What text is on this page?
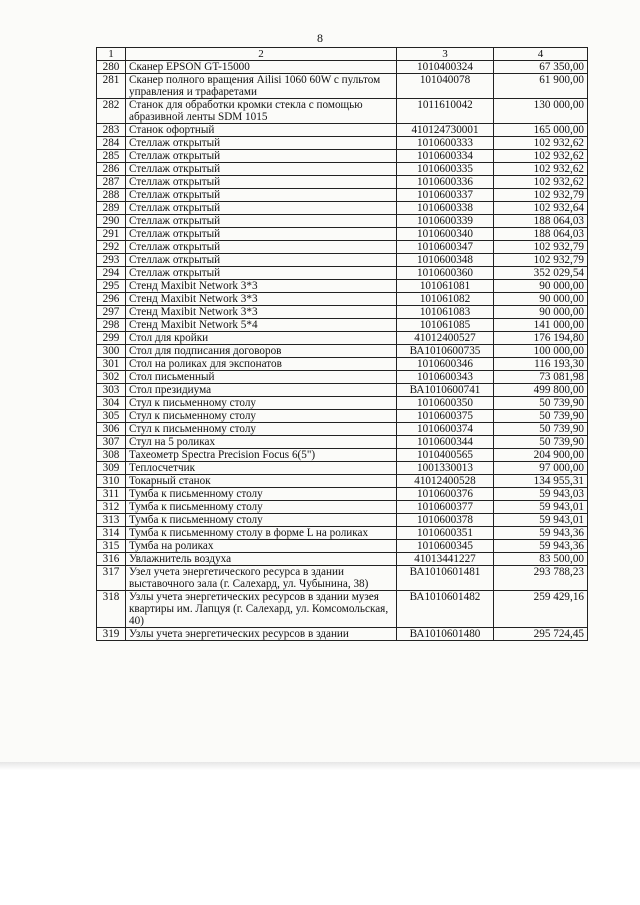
8
1	2	3	4
280	Сканер EPSON GT-15000	1010400324	67 350,00
281	Сканер полного вращения Ailisi 1060 60W с пультом управления и трафаретами	101040078	61 900,00
282	Станок для обработки кромки стекла с помощью абразивной ленты SDM 1015	1011610042	130 000,00
283	Станок офортный	410124730001	165 000,00
284	Стеллаж открытый	1010600333	102 932,62
285	Стеллаж открытый	1010600334	102 932,62
286	Стеллаж открытый	1010600335	102 932,62
287	Стеллаж открытый	1010600336	102 932,62
288	Стеллаж открытый	1010600337	102 932,79
289	Стеллаж открытый	1010600338	102 932,64
290	Стеллаж открытый	1010600339	188 064,03
291	Стеллаж открытый	1010600340	188 064,03
292	Стеллаж открытый	1010600347	102 932,79
293	Стеллаж открытый	1010600348	102 932,79
294	Стеллаж открытый	1010600360	352 029,54
295	Стенд Maxibit Network 3*3	101061081	90 000,00
296	Стенд Maxibit Network 3*3	101061082	90 000,00
297	Стенд Maxibit Network 3*3	101061083	90 000,00
298	Стенд Maxibit Network 5*4	101061085	141 000,00
299	Стол для кройки	41012400527	176 194,80
300	Стол для подписания договоров	ВА1010600735	100 000,00
301	Стол на роликах для экспонатов	1010600346	116 193,30
302	Стол письменный	1010600343	73 081,98
303	Стол президиума	ВА1010600741	499 800,00
304	Стул к письменному столу	1010600350	50 739,90
305	Стул к письменному столу	1010600375	50 739,90
306	Стул к письменному столу	1010600374	50 739,90
307	Стул на 5 роликах	1010600344	50 739,90
308	Тахеометр Spectra Precision Focus 6(5")	1010400565	204 900,00
309	Теплосчетчик	1001330013	97 000,00
310	Токарный станок	41012400528	134 955,31
311	Тумба к письменному столу	1010600376	59 943,03
312	Тумба к письменному столу	1010600377	59 943,01
313	Тумба к письменному столу	1010600378	59 943,01
314	Тумба к письменному столу в форме L на роликах	1010600351	59 943,36
315	Тумба на роликах	1010600345	59 943,36
316	Увлажнитель воздуха	41013441227	83 500,00
317	Узел учета энергетического ресурса в здании выставочного зала (г. Салехард, ул. Чубынина, 38)	ВА1010601481	293 788,23
318	Узлы учета энергетических ресурсов в здании музея квартиры им. Лапцуя (г. Салехард, ул. Комсомольская, 40)	ВА1010601482	259 429,16
319	Узлы учета энергетических ресурсов в здании	ВА1010601480	295 724,45
